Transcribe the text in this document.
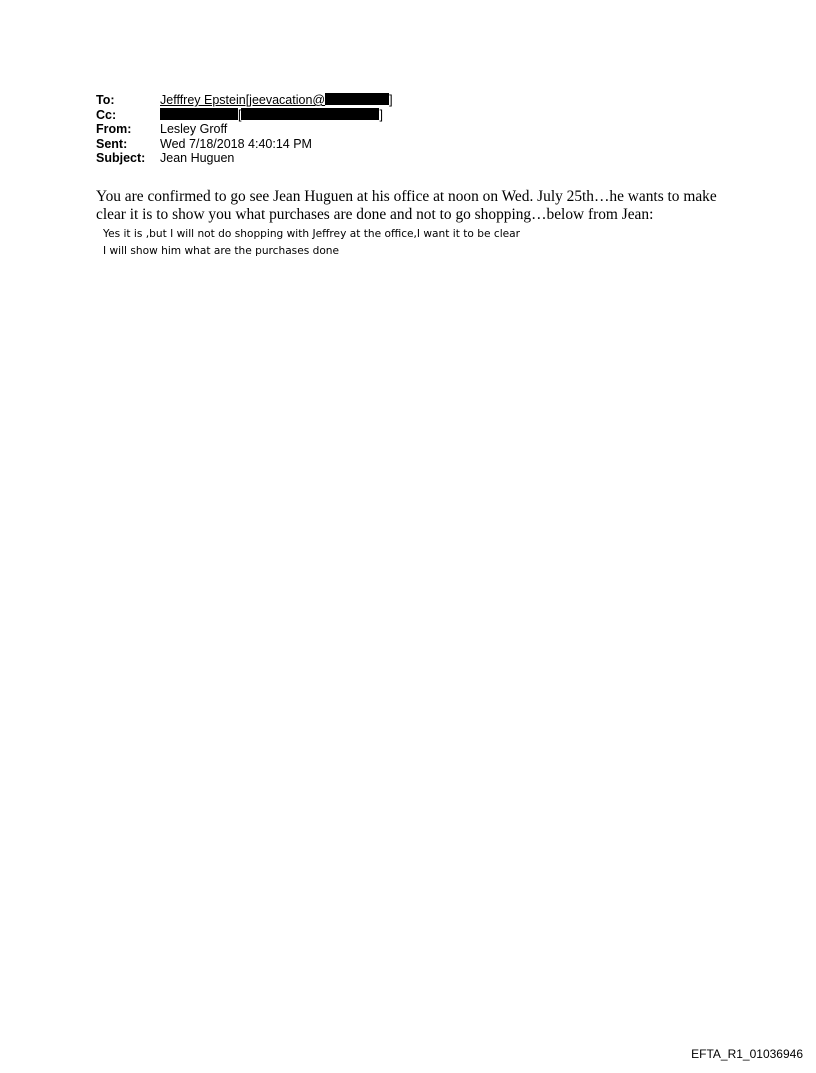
To:	Jefffrey Epstein[jeevacation@	]
Cc:	[	]
From: Lesley Groff
Sent:	Wed 7/18/2018 4:40:14 PM
Subject: Jean Huguen

You are confirmed to go see Jean Huguen at his office at noon on Wed. July 25th…he wants to make clear it is to show you what purchases are done and not to go shopping…below from Jean:

Yes it is ,but I will not do shopping with Jeffrey at the office,I want it to be clear
I will show him what are the purchases done
EFTA_R1_01036946
